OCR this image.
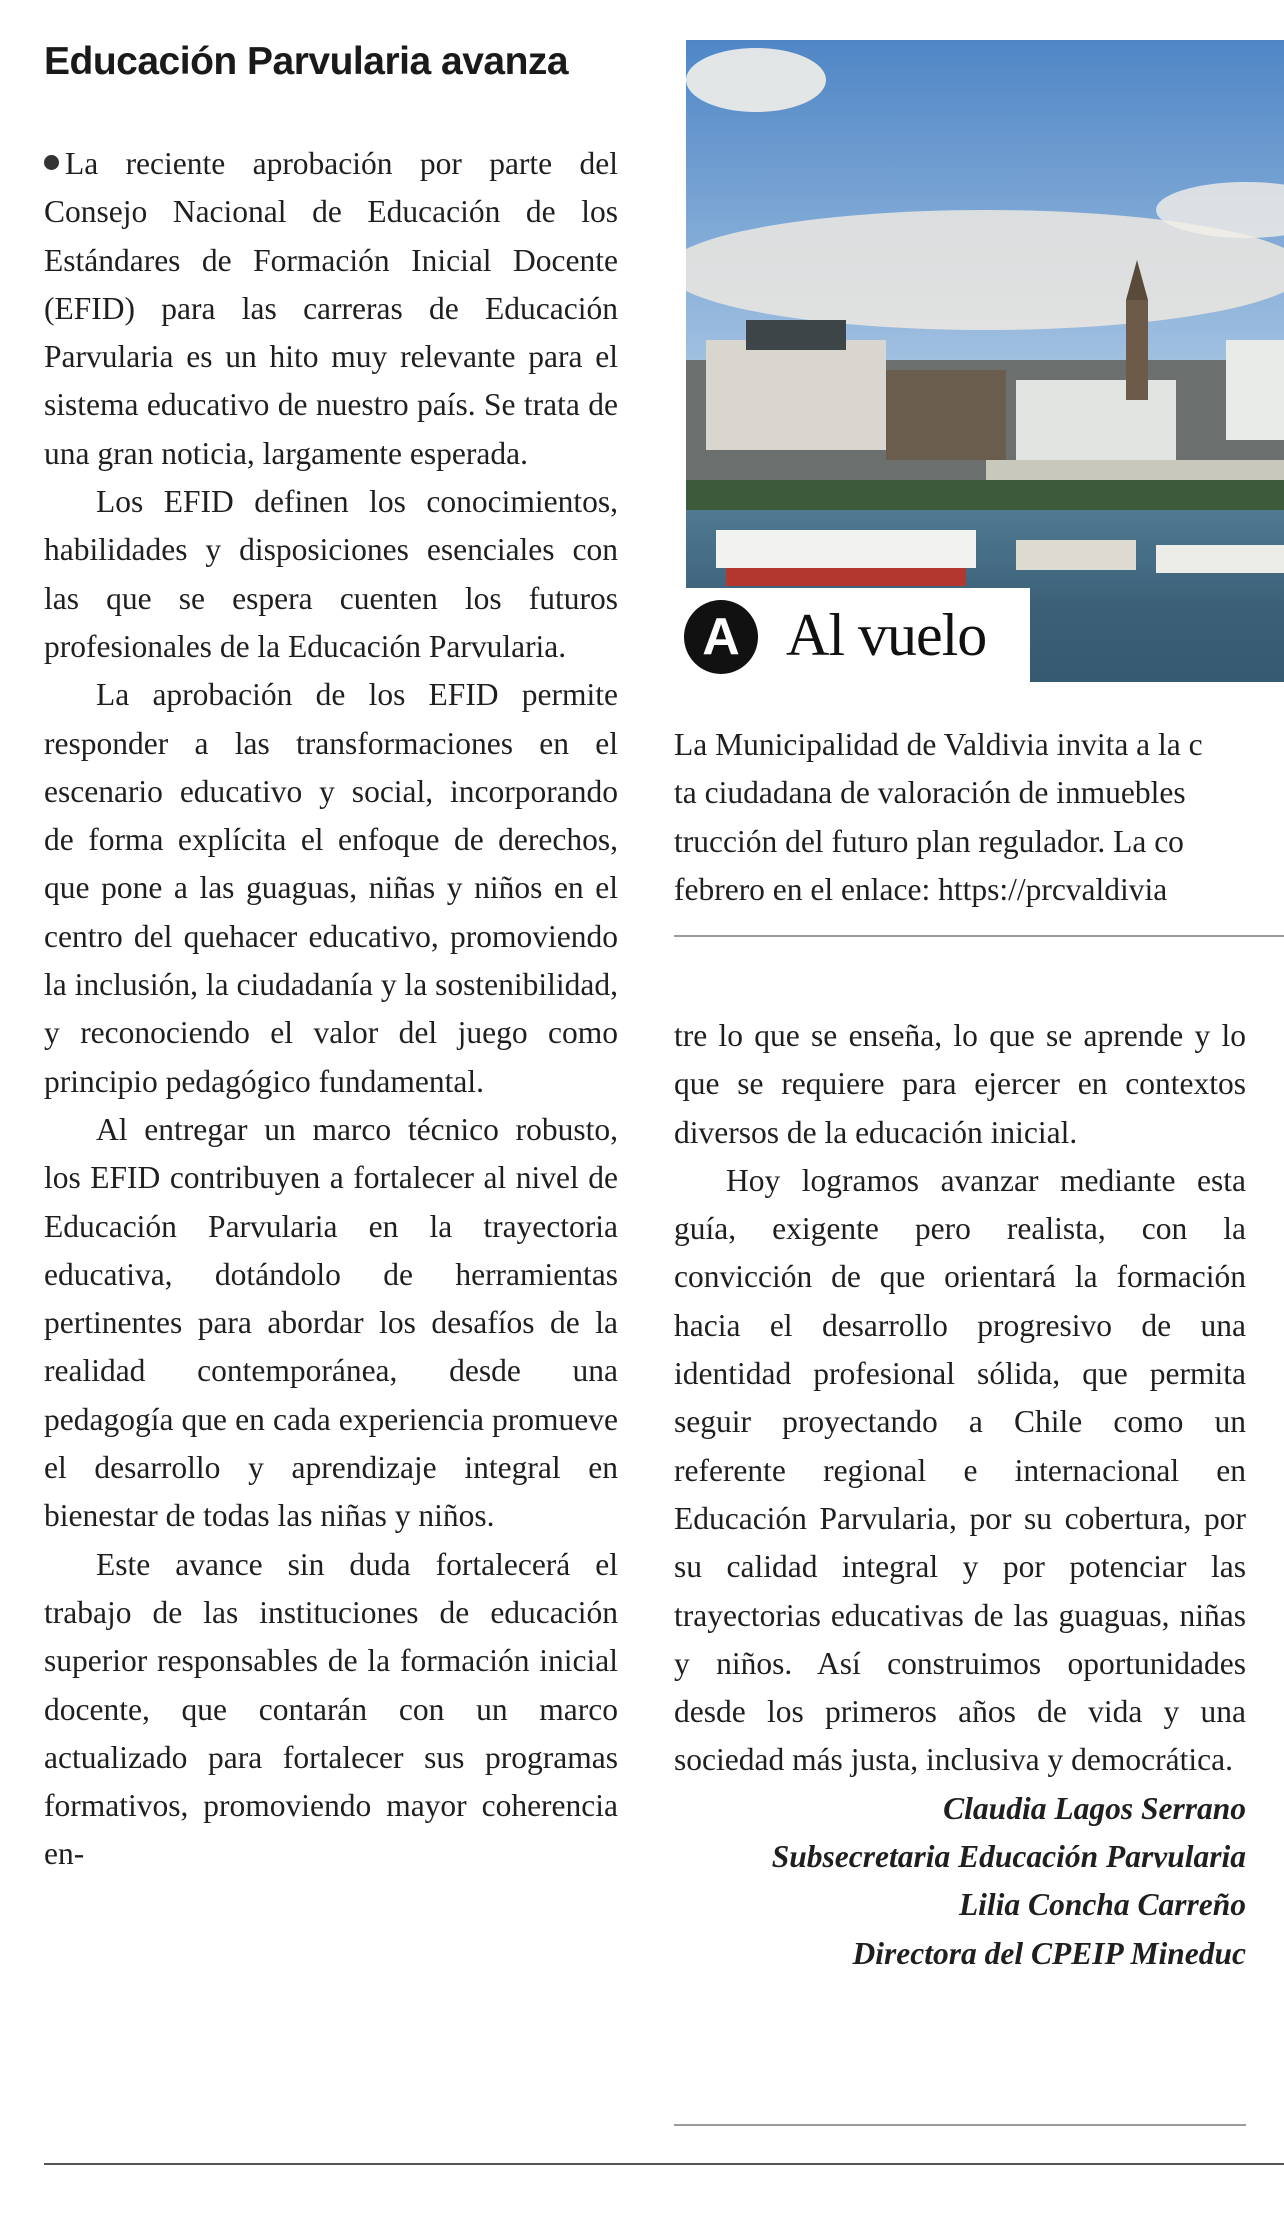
Educación Parvularia avanza

La reciente aprobación por parte del Consejo Nacional de Educación de los Estándares de Formación Inicial Docente (EFID) para las carreras de Educación Parvularia es un hito muy relevante para el sistema educativo de nuestro país. Se trata de una gran noticia, largamente esperada.

Los EFID definen los conocimientos, habilidades y disposiciones esenciales con las que se espera cuenten los futuros profesionales de la Educación Parvularia.

La aprobación de los EFID permite responder a las transformaciones en el escenario educativo y social, incorporando de forma explícita el enfoque de derechos, que pone a las guaguas, niñas y niños en el centro del quehacer educativo, promoviendo la inclusión, la ciudadanía y la sostenibilidad, y reconociendo el valor del juego como principio pedagógico fundamental.

Al entregar un marco técnico robusto, los EFID contribuyen a fortalecer al nivel de Educación Parvularia en la trayectoria educativa, dotándolo de herramientas pertinentes para abordar los desafíos de la realidad contemporánea, desde una pedagogía que en cada experiencia promueve el desarrollo y aprendizaje integral en bienestar de todas las niñas y niños.

Este avance sin duda fortalecerá el trabajo de las instituciones de educación superior responsables de la formación inicial docente, que contarán con un marco actualizado para fortalecer sus programas formativos, promoviendo mayor coherencia en-

A Al vuelo
La Municipalidad de Valdivia invita a la c
ta ciudadana de valoración de inmuebles
trucción del futuro plan regulador. La co
febrero en el enlace: https://prcvaldivia

tre lo que se enseña, lo que se aprende y lo que se requiere para ejercer en contextos diversos de la educación inicial.

Hoy logramos avanzar mediante esta guía, exigente pero realista, con la convicción de que orientará la formación hacia el desarrollo progresivo de una identidad profesional sólida, que permita seguir proyectando a Chile como un referente regional e internacional en Educación Parvularia, por su cobertura, por su calidad integral y por potenciar las trayectorias educativas de las guaguas, niñas y niños. Así construimos oportunidades desde los primeros años de vida y una sociedad más justa, inclusiva y democrática.

Claudia Lagos Serrano
Subsecretaria Educación Parvularia
Lilia Concha Carreño
Directora del CPEIP Mineduc
